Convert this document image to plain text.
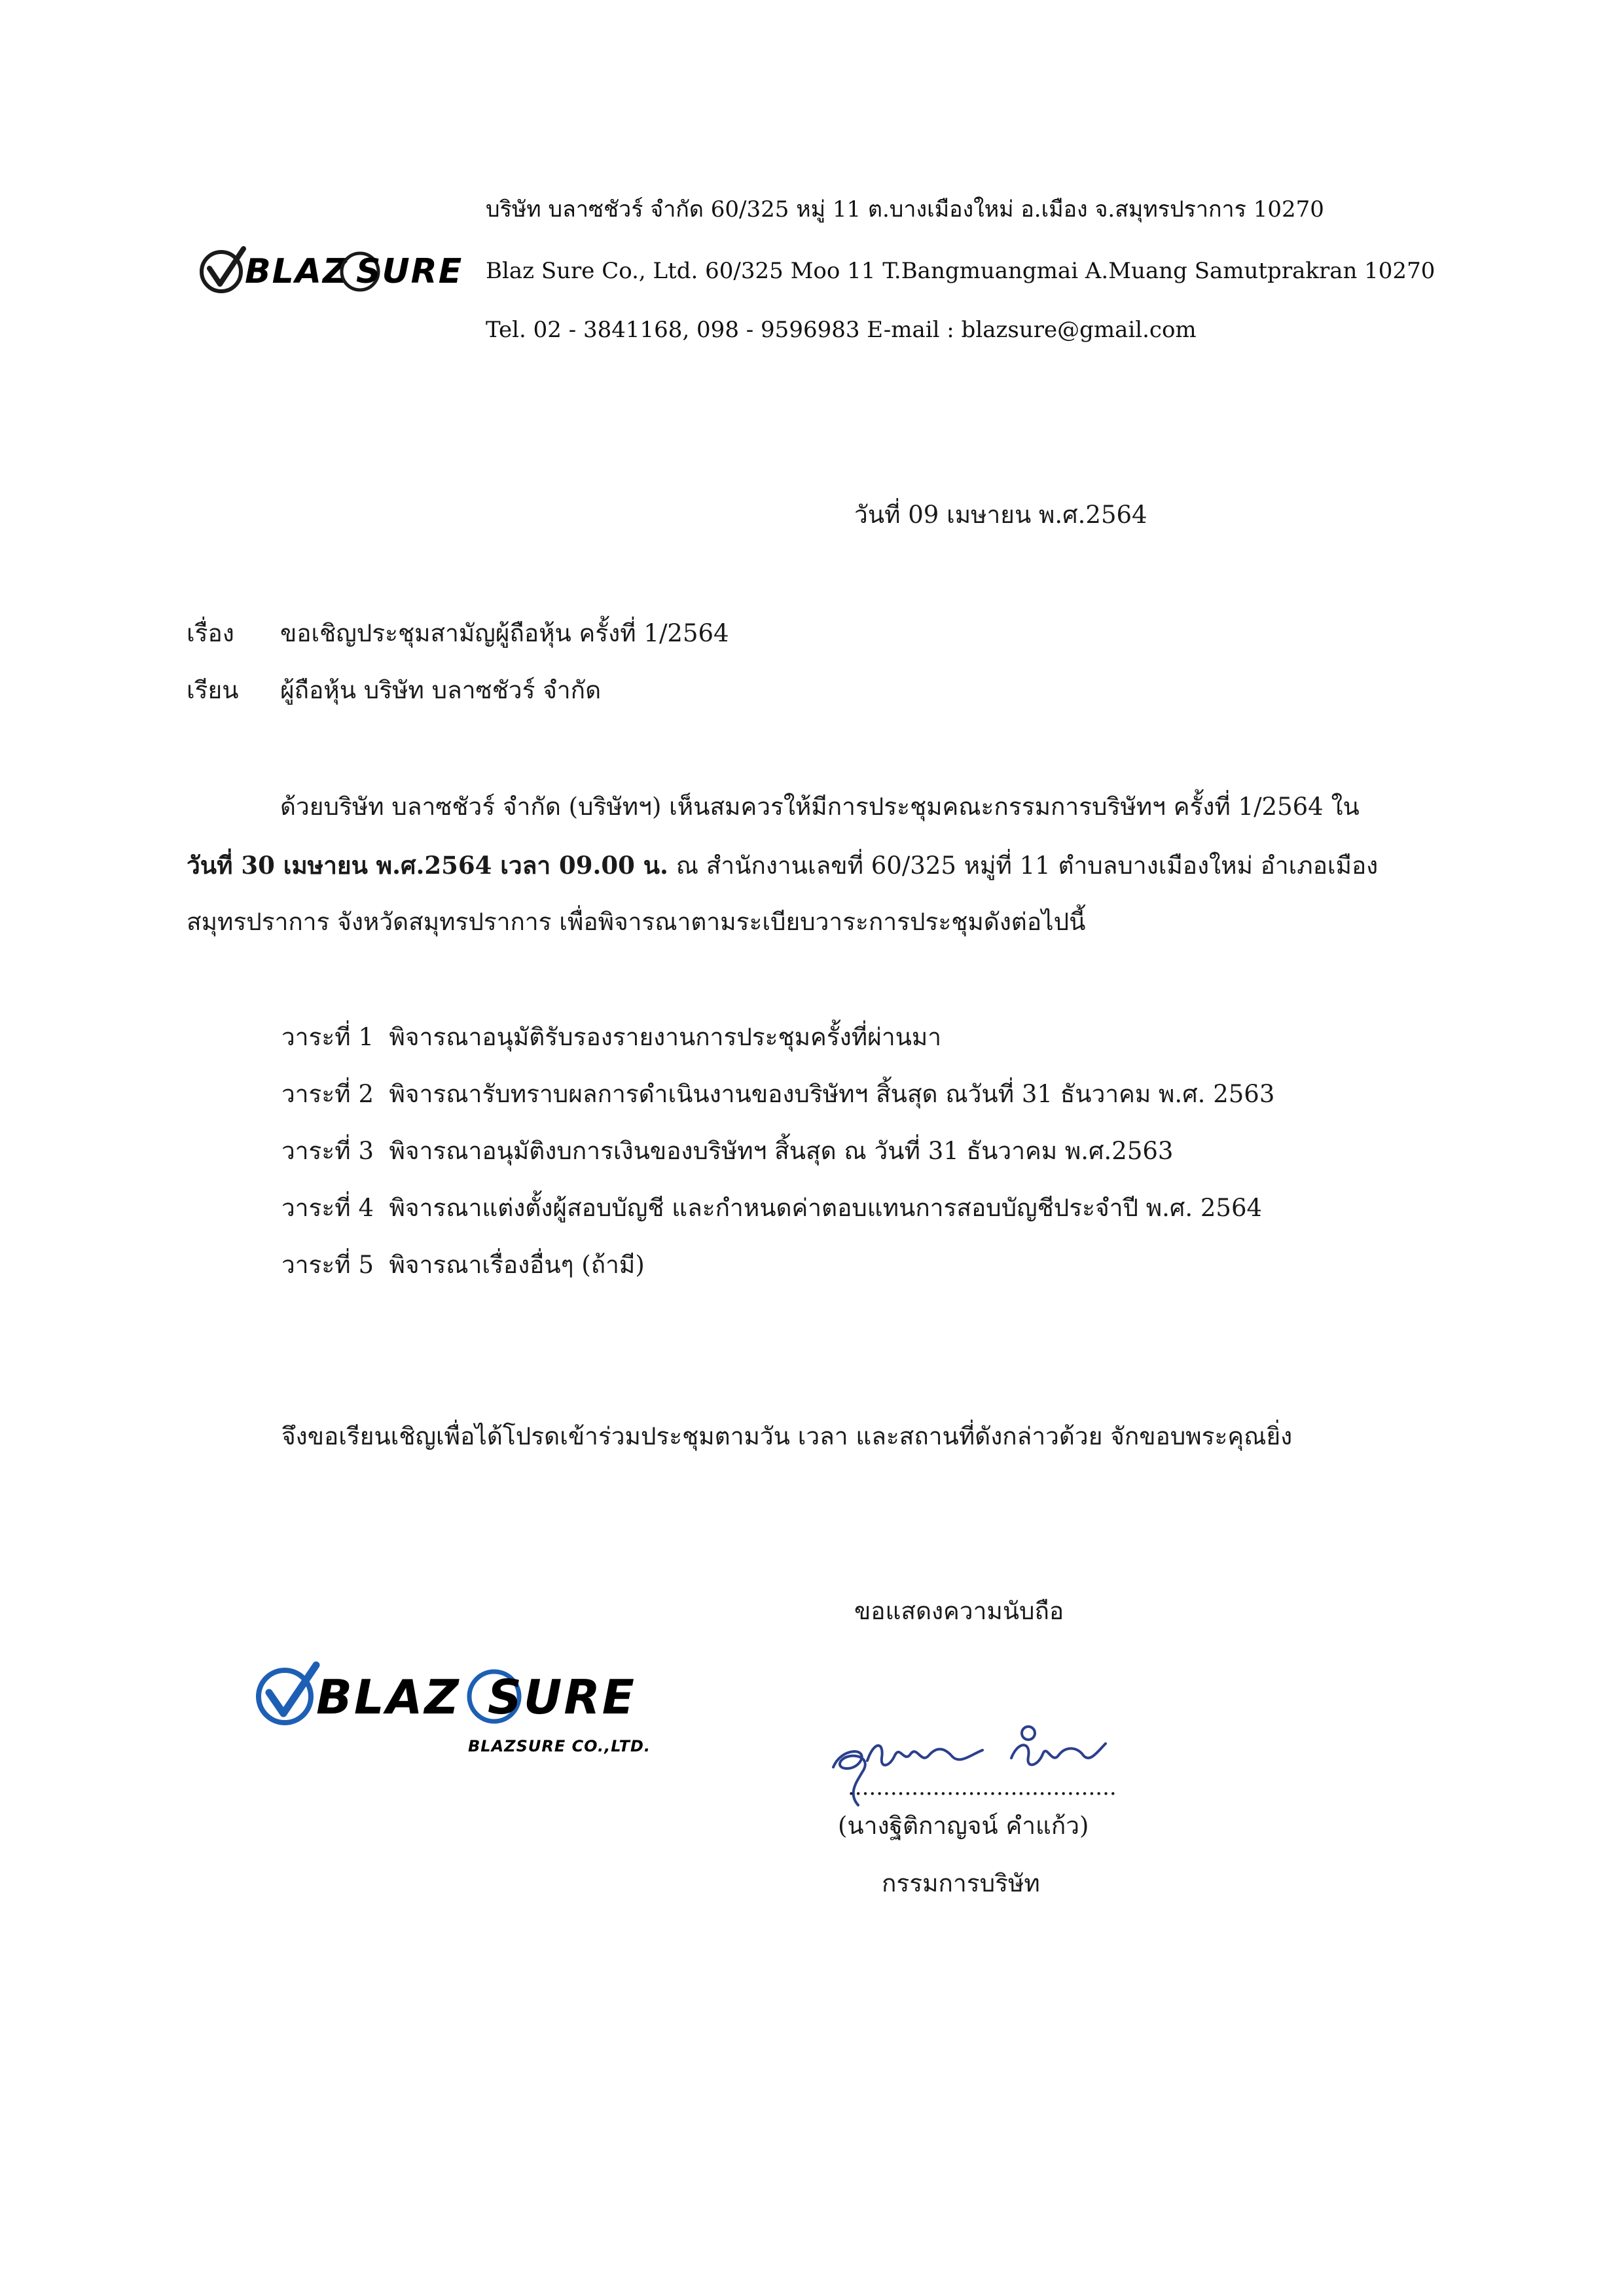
BLAZ SURE
บริษัท บลาซชัวร์ จำกัด 60/325 หมู่ 11 ต.บางเมืองใหม่ อ.เมือง จ.สมุทรปราการ 10270
Blaz Sure Co., Ltd. 60/325 Moo 11 T.Bangmuangmai A.Muang Samutprakran 10270
Tel. 02 - 3841168, 098 - 9596983 E-mail : blazsure@gmail.com
วันที่ 09 เมษายน พ.ศ.2564
เรื่อง ขอเชิญประชุมสามัญผู้ถือหุ้น ครั้งที่ 1/2564
เรียน ผู้ถือหุ้น บริษัท บลาซชัวร์ จำกัด
ด้วยบริษัท บลาซชัวร์ จำกัด (บริษัทฯ) เห็นสมควรให้มีการประชุมคณะกรรมการบริษัทฯ ครั้งที่ 1/2564 ใน
วันที่ 30 เมษายน พ.ศ.2564 เวลา 09.00 น. ณ สำนักงานเลขที่ 60/325 หมู่ที่ 11 ตำบลบางเมืองใหม่ อำเภอเมือง
สมุทรปราการ จังหวัดสมุทรปราการ เพื่อพิจารณาตามระเบียบวาระการประชุมดังต่อไปนี้
วาระที่ 1 พิจารณาอนุมัติรับรองรายงานการประชุมครั้งที่ผ่านมา
วาระที่ 2 พิจารณารับทราบผลการดำเนินงานของบริษัทฯ สิ้นสุด ณวันที่ 31 ธันวาคม พ.ศ. 2563
วาระที่ 3 พิจารณาอนุมัติงบการเงินของบริษัทฯ สิ้นสุด ณ วันที่ 31 ธันวาคม พ.ศ.2563
วาระที่ 4 พิจารณาแต่งตั้งผู้สอบบัญชี และกำหนดค่าตอบแทนการสอบบัญชีประจำปี พ.ศ. 2564
วาระที่ 5 พิจารณาเรื่องอื่นๆ (ถ้ามี)
จึงขอเรียนเชิญเพื่อได้โปรดเข้าร่วมประชุมตามวัน เวลา และสถานที่ดังกล่าวด้วย จักขอบพระคุณยิ่ง
ขอแสดงความนับถือ
BLAZ SURE
BLAZSURE CO.,LTD.
......................................
(นางฐิติกาญจน์ คำแก้ว)
กรรมการบริษัท
